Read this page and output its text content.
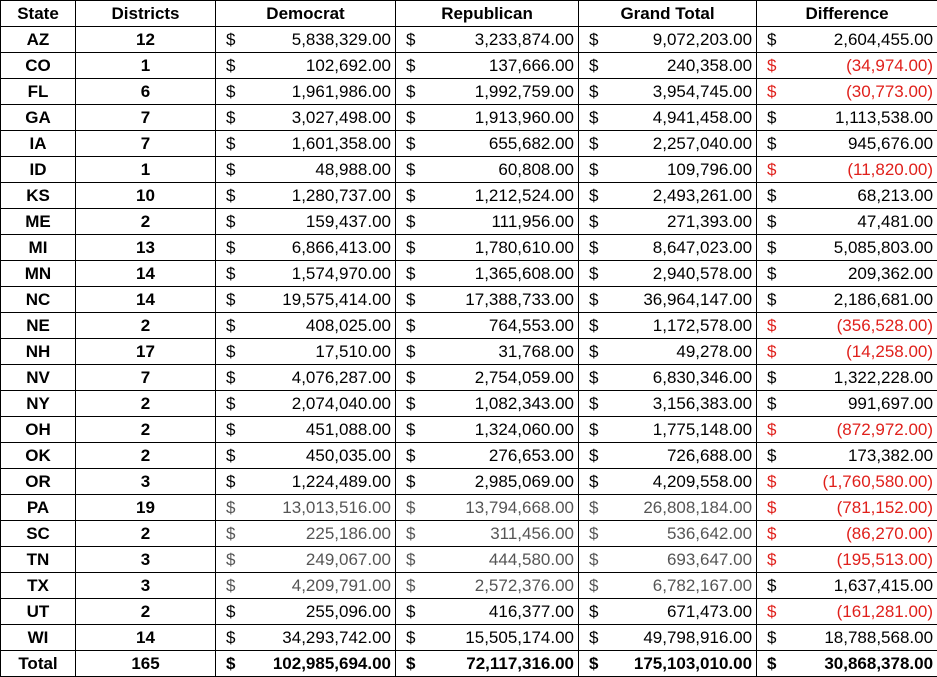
State	Districts	Democrat		Republican		Grand Total		Difference	
AZ	12	$	5,838,329.00	$	3,233,874.00	$	9,072,203.00	$	2,604,455.00
CO	1	$	102,692.00	$	137,666.00	$	240,358.00	$	(34,974.00)
FL	6	$	1,961,986.00	$	1,992,759.00	$	3,954,745.00	$	(30,773.00)
GA	7	$	3,027,498.00	$	1,913,960.00	$	4,941,458.00	$	1,113,538.00
IA	7	$	1,601,358.00	$	655,682.00	$	2,257,040.00	$	945,676.00
ID	1	$	48,988.00	$	60,808.00	$	109,796.00	$	(11,820.00)
KS	10	$	1,280,737.00	$	1,212,524.00	$	2,493,261.00	$	68,213.00
ME	2	$	159,437.00	$	111,956.00	$	271,393.00	$	47,481.00
MI	13	$	6,866,413.00	$	1,780,610.00	$	8,647,023.00	$	5,085,803.00
MN	14	$	1,574,970.00	$	1,365,608.00	$	2,940,578.00	$	209,362.00
NC	14	$	19,575,414.00	$	17,388,733.00	$	36,964,147.00	$	2,186,681.00
NE	2	$	408,025.00	$	764,553.00	$	1,172,578.00	$	(356,528.00)
NH	17	$	17,510.00	$	31,768.00	$	49,278.00	$	(14,258.00)
NV	7	$	4,076,287.00	$	2,754,059.00	$	6,830,346.00	$	1,322,228.00
NY	2	$	2,074,040.00	$	1,082,343.00	$	3,156,383.00	$	991,697.00
OH	2	$	451,088.00	$	1,324,060.00	$	1,775,148.00	$	(872,972.00)
OK	2	$	450,035.00	$	276,653.00	$	726,688.00	$	173,382.00
OR	3	$	1,224,489.00	$	2,985,069.00	$	4,209,558.00	$	(1,760,580.00)
PA	19	$	13,013,516.00	$	13,794,668.00	$	26,808,184.00	$	(781,152.00)
SC	2	$	225,186.00	$	311,456.00	$	536,642.00	$	(86,270.00)
TN	3	$	249,067.00	$	444,580.00	$	693,647.00	$	(195,513.00)
TX	3	$	4,209,791.00	$	2,572,376.00	$	6,782,167.00	$	1,637,415.00
UT	2	$	255,096.00	$	416,377.00	$	671,473.00	$	(161,281.00)
WI	14	$	34,293,742.00	$	15,505,174.00	$	49,798,916.00	$	18,788,568.00
Total	165	$	102,985,694.00	$	72,117,316.00	$	175,103,010.00	$	30,868,378.00
